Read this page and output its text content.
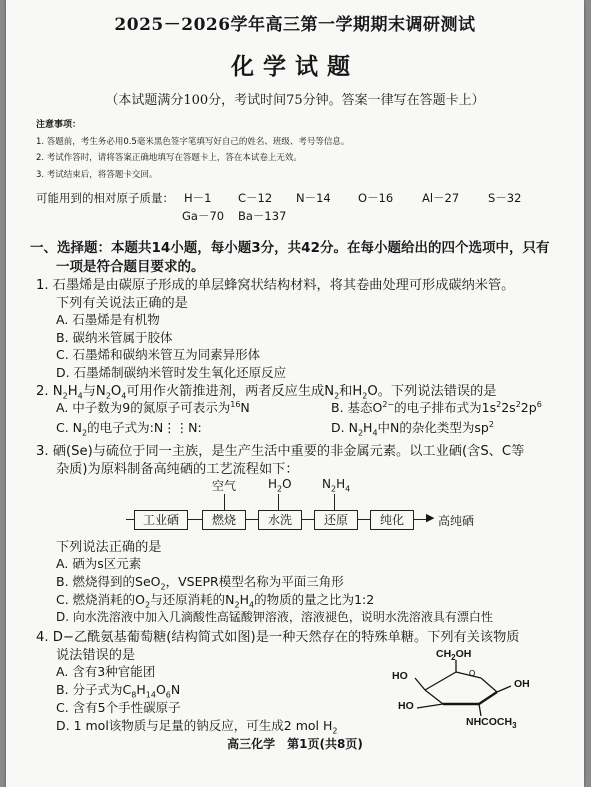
2025－2026学年高三第一学期期末调研测试
化学试题
（本试题满分100分，考试时间75分钟。答案一律写在答题卡上）
注意事项：
1. 答题前，考生务必用0.5毫米黑色签字笔填写好自己的姓名、班级、考号等信息。
2. 考试作答时，请将答案正确地填写在答题卡上，答在本试卷上无效。
3. 考试结束后，将答题卡交回。
可能用到的相对原子质量： H－1 C－12 N－14 O－16	Al－27	S－32
Ga－70 Ba－137
一、选择题：本题共14小题，每小题3分，共42分。在每小题给出的四个选项中，只有
一项是符合题目要求的。
1. 石墨烯是由碳原子形成的单层蜂窝状结构材料，将其卷曲处理可形成碳纳米管。
下列有关说法正确的是
A. 石墨烯是有机物
B. 碳纳米管属于胶体
C. 石墨烯和碳纳米管互为同素异形体
D. 石墨烯制碳纳米管时发生氧化还原反应
2. $N_2H_4$与$N_2O_4$可用作火箭推进剂，两者反应生成$N_2$和$H_2O$。下列说法错误的是
A. 中子数为9的氮原子可表示为$^{16}$N	B. 基态$O^{2-}$的电子排布式为$1s^22s^22p^6$
C. $N_2$的电子式为:N⋮⋮N:	D. $N_2H_4$中N的杂化类型为$sp^2$
3. 硒(Se)与硫位于同一主族，是生产生活中重要的非金属元素。以工业硒(含S、C等
杂质)为原料制备高纯硒的工艺流程如下：
空气	$H_2O$	$N_2H_4$
工业硒	燃烧	水洗	还原	纯化	▶ 高纯硒
下列说法正确的是
A. 硒为s区元素
B. 燃烧得到的SeO$_2$，VSEPR模型名称为平面三角形
C. 燃烧消耗的$O_2$与还原消耗的$N_2H_4$的物质的量之比为1:2
D. 向水洗溶液中加入几滴酸性高锰酸钾溶液，溶液褪色，说明水洗溶液具有漂白性
4. D−乙酰氨基葡萄糖(结构简式如图)是一种天然存在的特殊单糖。下列有关该物质
说法错误的是
A. 含有3种官能团
B. 分子式为$C_8H_{14}O_6N$
C. 含有5个手性碳原子
D. 1 mol该物质与足量的钠反应，可生成2 mol $H_2$
O
$CH_2OH$
HO
HO
OH
$NHCOCH_3$
高三化学　第1页(共8页)
